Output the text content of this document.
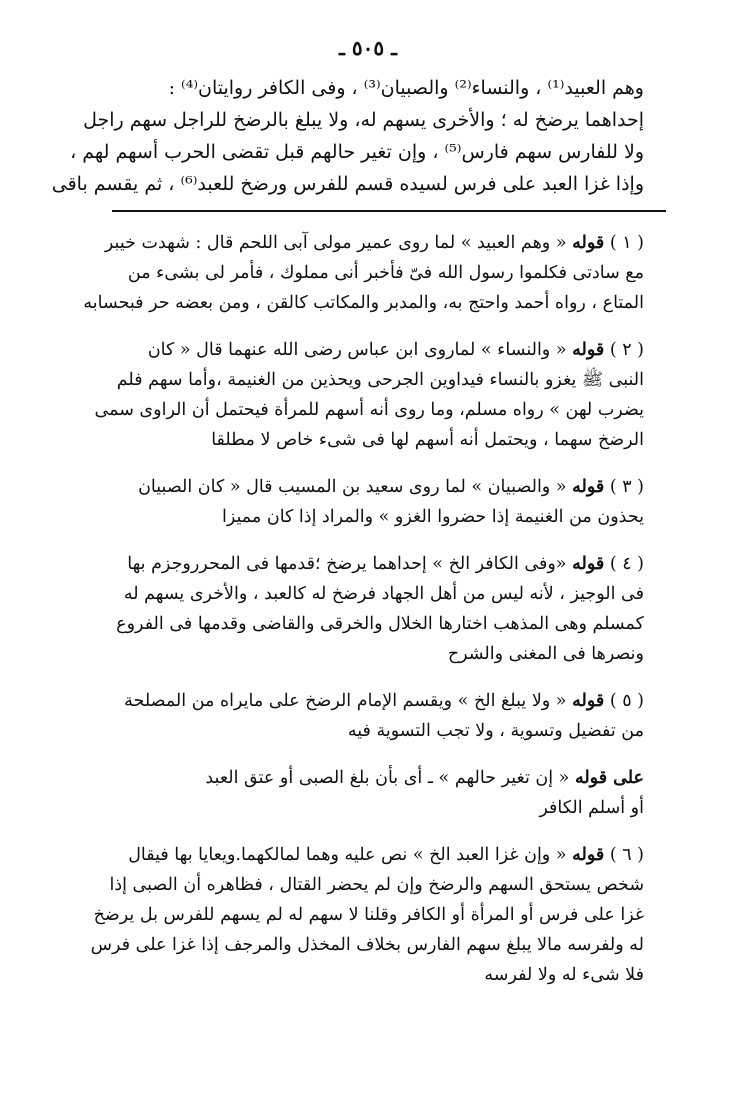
ـ ٥٠٥ ـ
وهم العبيد⁽¹⁾ ، والنساء⁽²⁾ والصبيان⁽³⁾ ، وفى الكافر روايتان⁽⁴⁾ :
إحداهما يرضخ له ؛ والأخرى يسهم له، ولا يبلغ بالرضخ للراجل سهم راجل
ولا للفارس سهم فارس⁽⁵⁾ ، وإن تغير حالهم قبل تقضى الحرب أسهم لهم ،
وإذا غزا العبد على فرس لسيده قسم للفرس ورضخ للعبد⁽⁶⁾ ، ثم يقسم باقى
( ١ ) قوله « وهم العبيد » لما روى عمير مولى آبى اللحم قال : شهدت خيبر
مع سادتى فكلموا رسول الله فىّ فأخبر أنى مملوك ، فأمر لى بشىء من
المتاع ، رواه أحمد واحتج به، والمدبر والمكاتب كالقن ، ومن بعضه حر فبحسابه
( ٢ ) قوله « والنساء » لماروى ابن عباس رضى الله عنهما قال « كان
النبى ﷺ يغزو بالنساء فيداوين الجرحى ويحذين من الغنيمة ،وأما سهم فلم
يضرب لهن » رواه مسلم، وما روى أنه أسهم للمرأة فيحتمل أن الراوى سمى
الرضخ سهما ، ويحتمل أنه أسهم لها فى شىء خاص لا مطلقا
( ٣ ) قوله « والصبيان » لما روى سعيد بن المسيب قال « كان الصبيان
يحذون من الغنيمة إذا حضروا الغزو » والمراد إذا كان مميزا
( ٤ ) قوله «وفى الكافر الخ » إحداهما يرضخ ؛قدمها فى المحرروجزم بها
فى الوجيز ، لأنه ليس من أهل الجهاد فرضخ له كالعبد ، والأخرى يسهم له
كمسلم وهى المذهب اختارها الخلال والخرقى والقاضى وقدمها فى الفروع
ونصرها فى المغنى والشرح
( ٥ ) قوله « ولا يبلغ الخ » ويقسم الإمام الرضخ على مايراه من المصلحة
من تفضيل وتسوية ، ولا تجب التسوية فيه
على قوله « إن تغير حالهم » ـ أى بأن بلغ الصبى أو عتق العبد
أو أسلم الكافر
( ٦ ) قوله « وإن غزا العبد الخ » نص عليه وهما لمالكهما.ويعايا بها فيقال
شخص يستحق السهم والرضخ وإن لم يحضر القتال ، فظاهره أن الصبى إذا
غزا على فرس أو المرأة أو الكافر وقلنا لا سهم له لم يسهم للفرس بل يرضخ
له ولفرسه مالا يبلغ سهم الفارس بخلاف المخذل والمرجف إذا غزا على فرس
فلا شىء له ولا لفرسه
